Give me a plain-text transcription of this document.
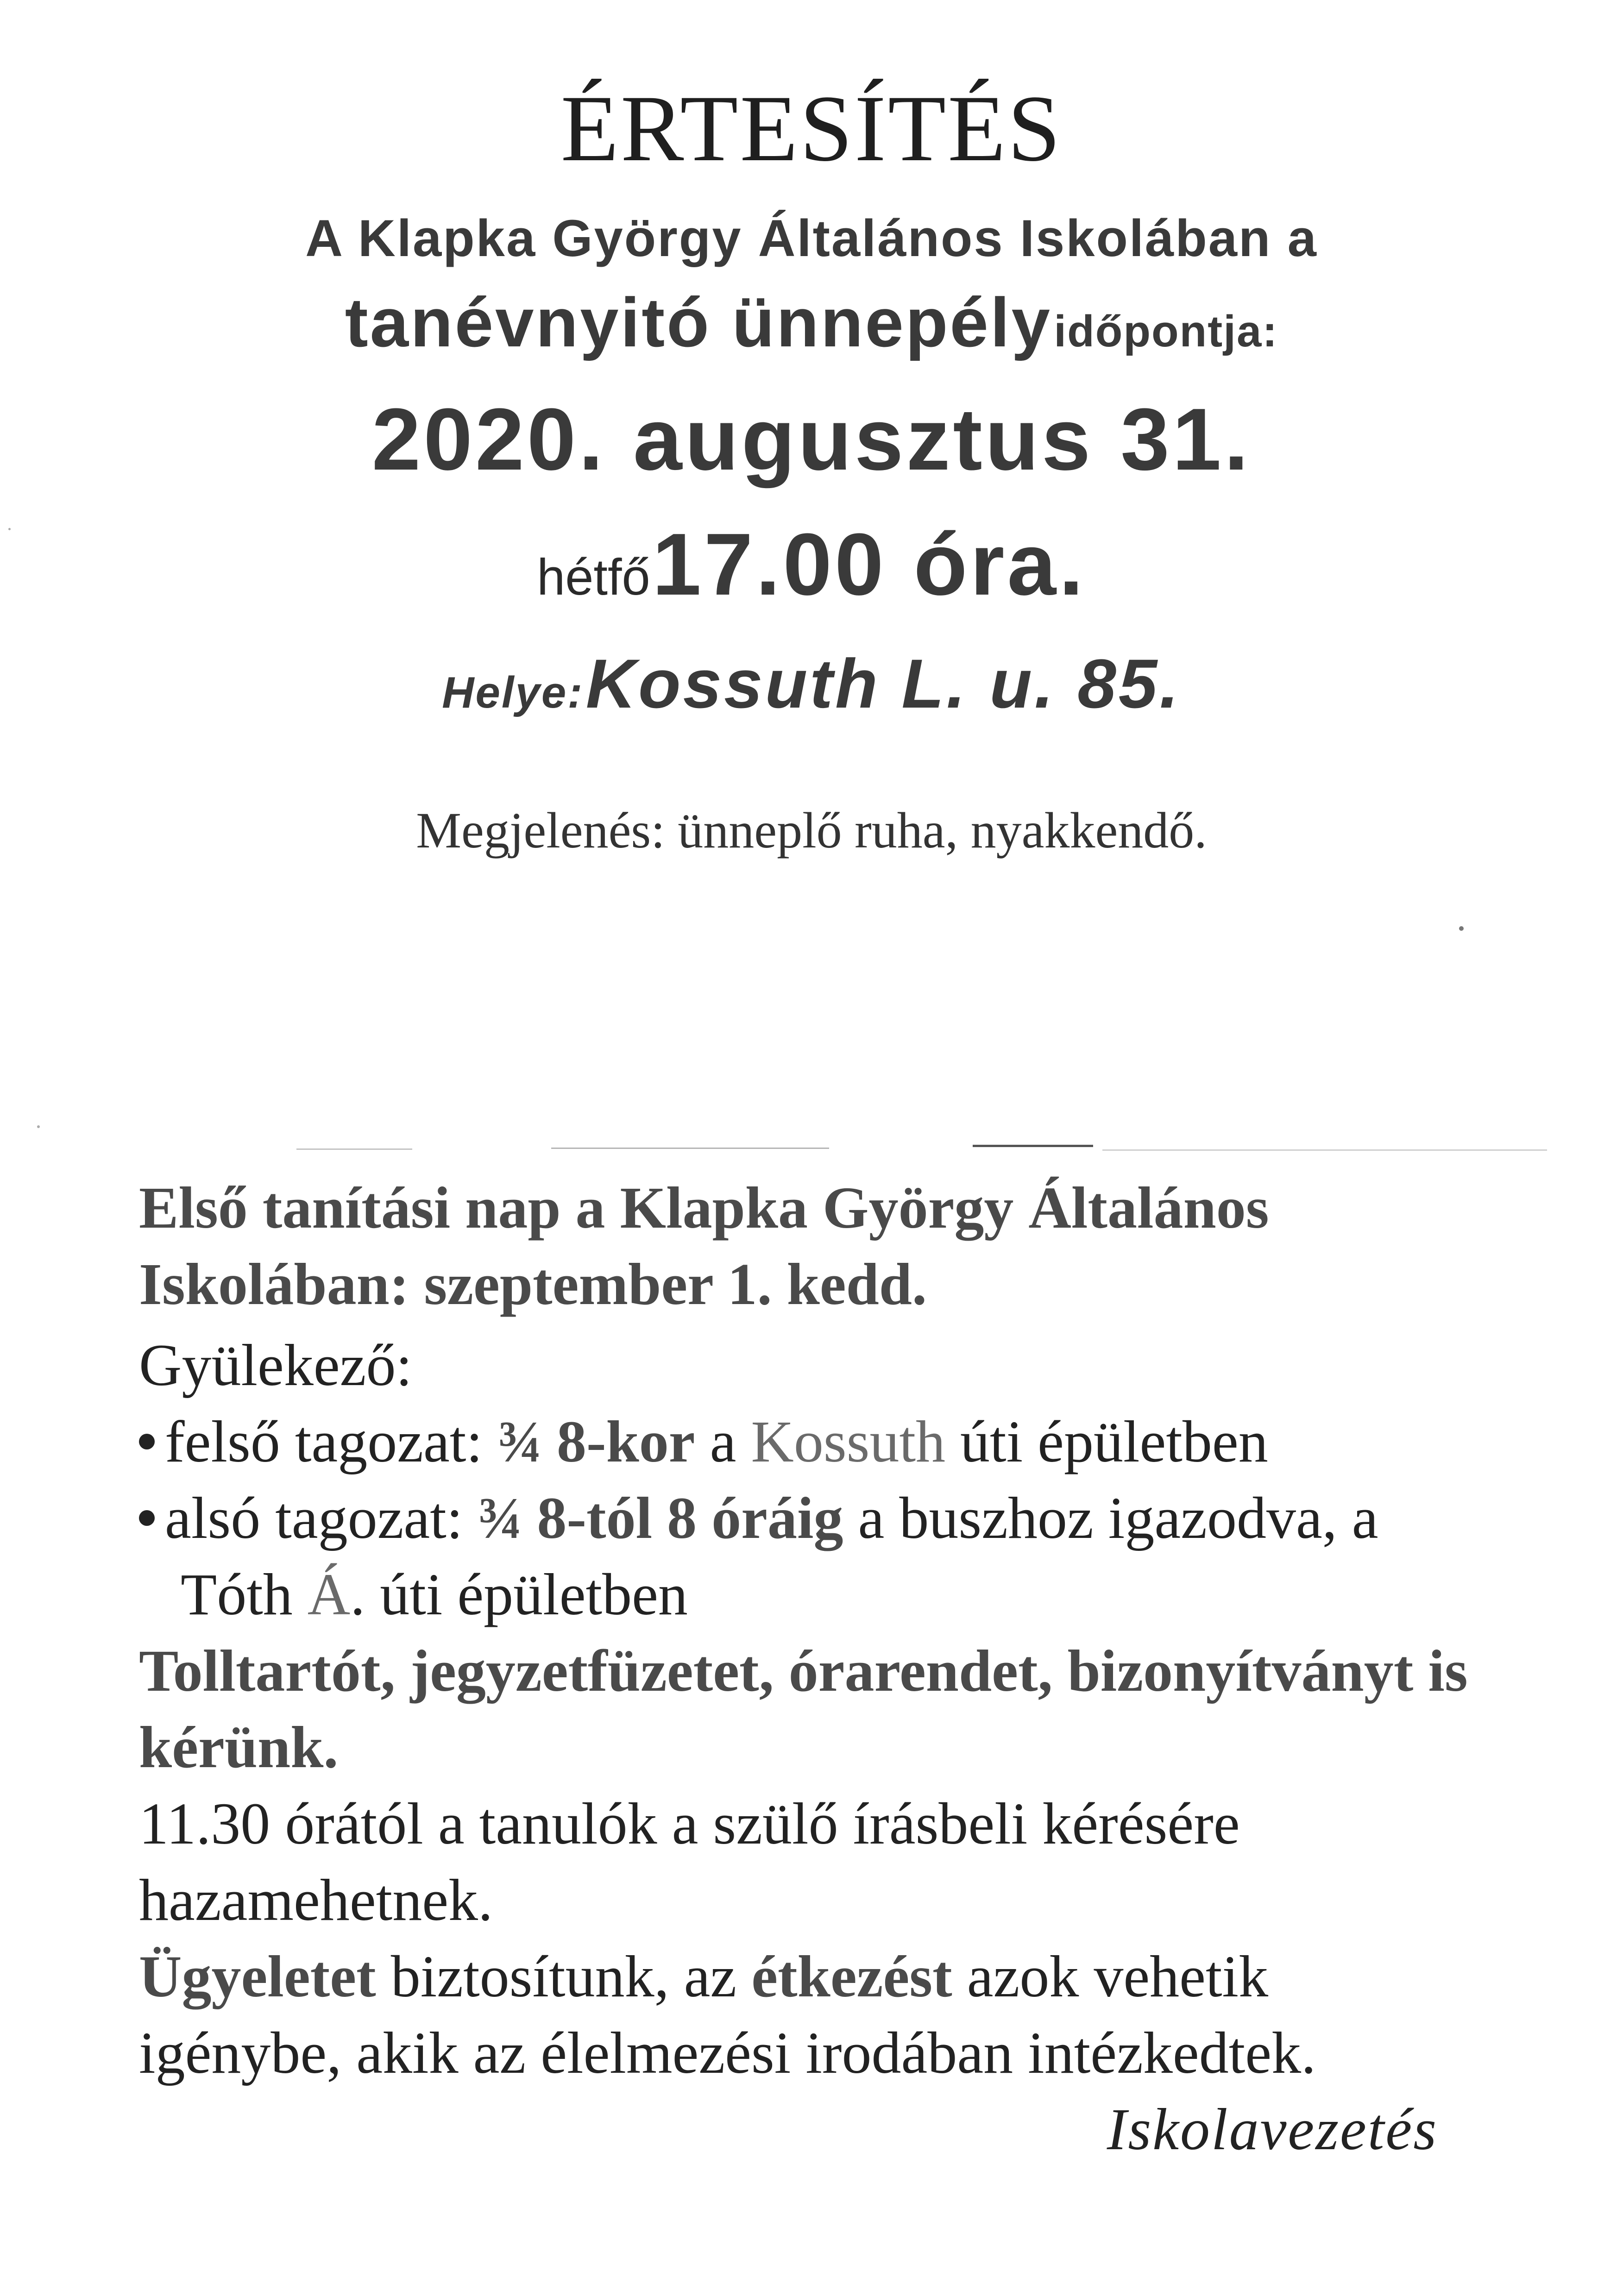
ÉRTESÍTÉS
A Klapka György Általános Iskolában a
tanévnyitó ünnepély időpontja:
2020. augusztus 31.
hétfő 17.00 óra.
Helye: Kossuth L. u. 85.
Megjelenés: ünneplő ruha, nyakkendő.
Első tanítási nap a Klapka György Általános
Iskolában: szeptember 1. kedd.
Gyülekező:
felső tagozat: ¾ 8-kor a Kossuth úti épületben
alsó tagozat: ¾ 8-tól 8 óráig a buszhoz igazodva, a
Tóth Á. úti épületben
Tolltartót, jegyzetfüzetet, órarendet, bizonyítványt is
kérünk.
11.30 órától a tanulók a szülő írásbeli kérésére
hazamehetnek.
Ügyeletet biztosítunk, az étkezést azok vehetik
igénybe, akik az élelmezési irodában intézkedtek.
Iskolavezetés
